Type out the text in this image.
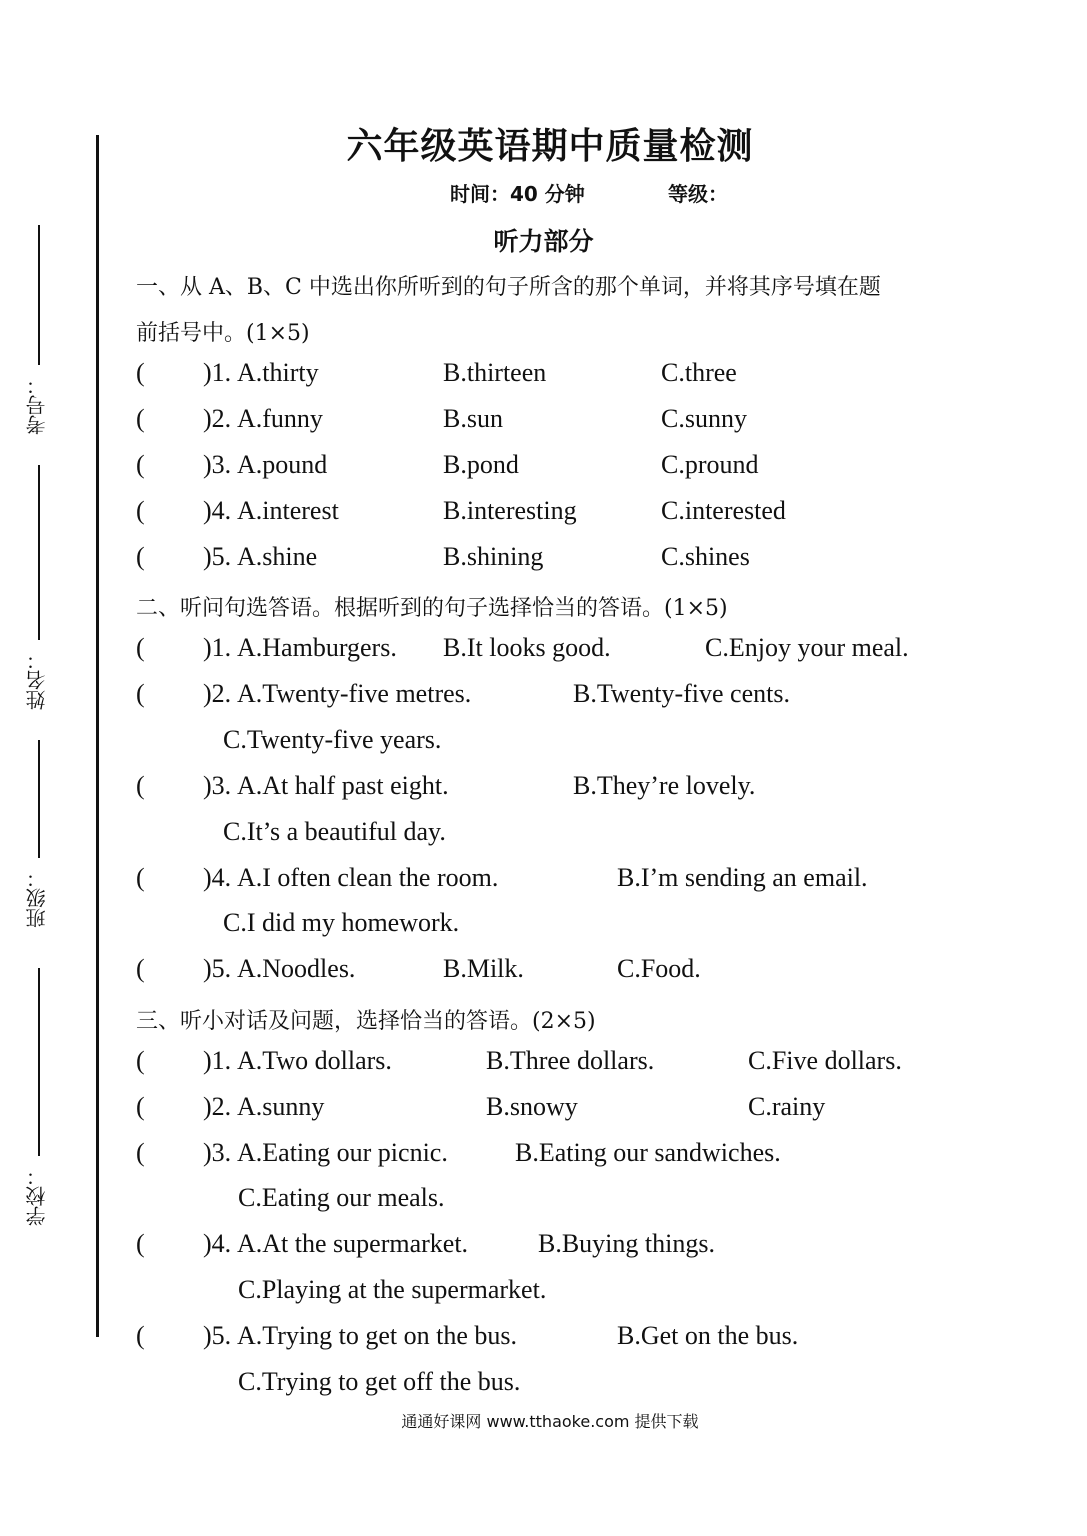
考号：
姓名：
班级：
学校：
六年级英语期中质量检测
时间：40 分钟	等级：
听力部分
一、从 A、B、C 中选出你所听到的句子所含的那个单词，并将其序号填在题
前括号中。(1×5)
( )1. A.thirty	B.thirteen	C.three
( )2. A.funny	B.sun	C.sunny
( )3. A.pound	B.pond	C.pround
( )4. A.interest	B.interesting	C.interested
( )5. A.shine	B.shining	C.shines
二、听问句选答语。根据听到的句子选择恰当的答语。(1×5)
( )1. A.Hamburgers. B.It looks good.	C.Enjoy your meal.
( )2. A.Twenty-five metres.	B.Twenty-five cents.
C.Twenty-five years.
( )3. A.At half past eight.	B.They’re lovely.
C.It’s a beautiful day.
( )4. A.I often clean the room.	B.I’m sending an email.
C.I did my homework.
( )5. A.Noodles.	B.Milk.	C.Food.
三、听小对话及问题，选择恰当的答语。(2×5)
( )1. A.Two dollars.	B.Three dollars.	C.Five dollars.
( )2. A.sunny	B.snowy	C.rainy
( )3. A.Eating our picnic.	B.Eating our sandwiches.
C.Eating our meals.
( )4. A.At the supermarket.	B.Buying things.
C.Playing at the supermarket.
( )5. A.Trying to get on the bus.	B.Get on the bus.
C.Trying to get off the bus.
通通好课网 www.tthaoke.com 提供下载
